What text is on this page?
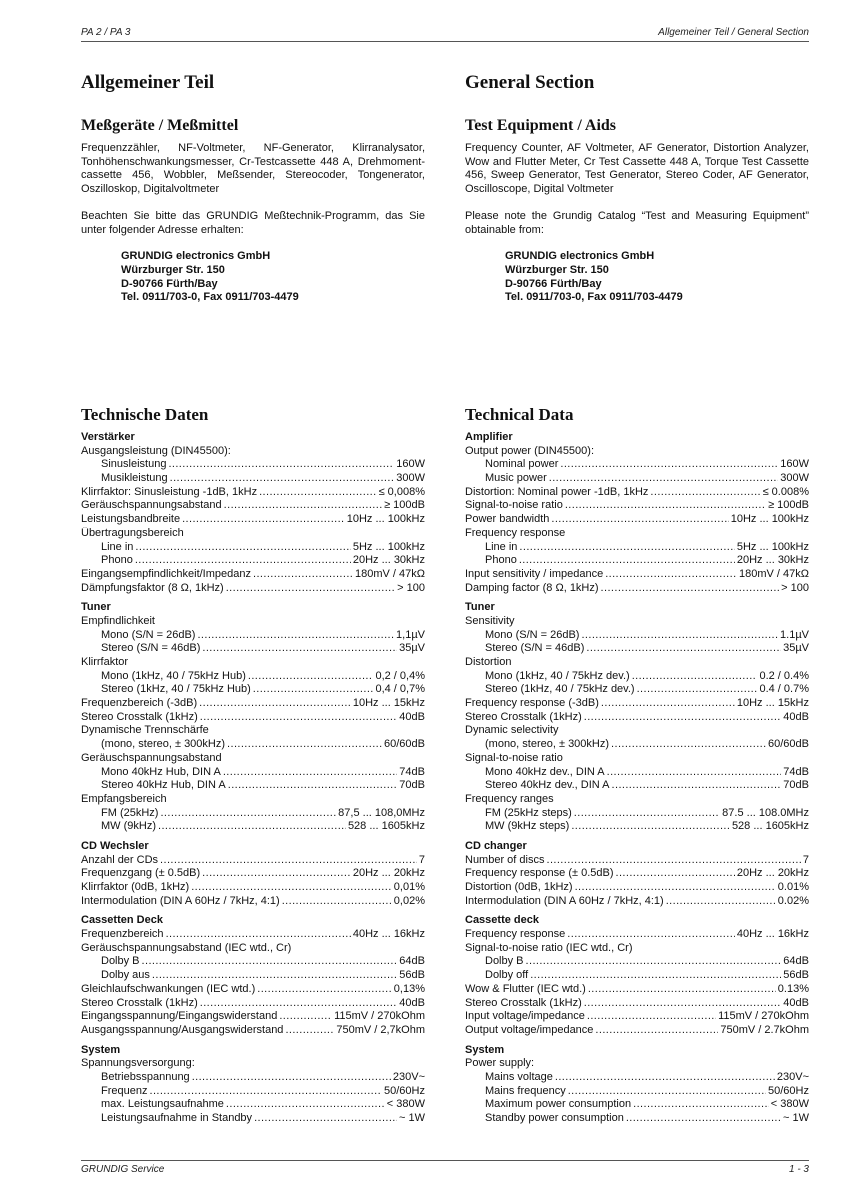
PA 2 / PA 3	Allgemeiner Teil / General Section
Allgemeiner Teil
Meßgeräte / Meßmittel

Frequenzzähler, NF-Voltmeter, NF-Generator, Klirranalysator, Tonhöhenschwankungsmesser, Cr-Testcassette 448 A, Drehmoment-cassette 456, Wobbler, Meßsender, Stereocoder, Tongenerator, Oszilloskop, Digitalvoltmeter

Beachten Sie bitte das GRUNDIG Meßtechnik-Programm, das Sie unter folgender Adresse erhalten:

GRUNDIG electronics GmbH

Würzburger Str. 150

D-90766 Fürth/Bay

Tel. 0911/703-0, Fax 0911/703-4479

Technische Daten
Verstärker
Ausgangsleistung (DIN45500):
Sinusleistung .....	160W
Musikleistung .....	300W
Klirrfaktor: Sinusleistung -1dB, 1kHz .....	≤ 0,008%
Geräuschspannungsabstand .....	≥ 100dB
Leistungsbandbreite .....	10Hz ... 100kHz
Übertragungsbereich
Line in .....	5Hz ... 100kHz
Phono .....	20Hz ... 30kHz
Eingangsempfindlichkeit/Impedanz .....	180mV / 47kΩ
Dämpfungsfaktor (8 Ω, 1kHz) .....	> 100
Tuner
Empfindlichkeit
Mono (S/N = 26dB) .....	1,1µV
Stereo (S/N = 46dB) .....	35µV
Klirrfaktor
Mono (1kHz, 40 / 75kHz Hub) .....	0,2 / 0,4%
Stereo (1kHz, 40 / 75kHz Hub) .....	0,4 / 0,7%
Frequenzbereich (-3dB) .....	10Hz ... 15kHz
Stereo Crosstalk (1kHz) .....	40dB
Dynamische Trennschärfe
(mono, stereo, ± 300kHz) .....	60/60dB
Geräuschspannungsabstand
Mono 40kHz Hub, DIN A .....	74dB
Stereo 40kHz Hub, DIN A .....	70dB
Empfangsbereich
FM (25kHz) .....	87,5 ... 108,0MHz
MW (9kHz) .....	528 ... 1605kHz
CD Wechsler
Anzahl der CDs .....	7
Frequenzgang (± 0.5dB) .....	20Hz ... 20kHz
Klirrfaktor (0dB, 1kHz) .....	0,01%
Intermodulation (DIN A 60Hz / 7kHz, 4:1) .....	0,02%
Cassetten Deck
Frequenzbereich .....	40Hz ... 16kHz
Geräuschspannungsabstand (IEC wtd., Cr)
Dolby B .....	64dB
Dolby aus .....	56dB
Gleichlaufschwankungen (IEC wtd.) .....	0,13%
Stereo Crosstalk (1kHz) .....	40dB
Eingangsspannung/Eingangswiderstand .....	115mV / 270kOhm
Ausgangsspannung/Ausgangswiderstand .....	750mV / 2,7kOhm
System
Spannungsversorgung:
Betriebsspannung .....	230V~
Frequenz .....	50/60Hz
max. Leistungsaufnahme .....	< 380W
Leistungsaufnahme in Standby .....	~ 1W
General Section
Test Equipment / Aids

Frequency Counter, AF Voltmeter, AF Generator, Distortion Analyzer, Wow and Flutter Meter, Cr Test Cassette 448 A, Torque Test Cassette 456, Sweep Generator, Test Generator, Stereo Coder, AF Generator, Oscilloscope, Digital Voltmeter

Please note the Grundig Catalog “Test and Measuring Equipment” obtainable from:

GRUNDIG electronics GmbH

Würzburger Str. 150

D-90766 Fürth/Bay

Tel. 0911/703-0, Fax 0911/703-4479

Technical Data
Amplifier
Output power (DIN45500):
Nominal power .....	160W
Music power .....	300W
Distortion: Nominal power -1dB, 1kHz .....	≤ 0.008%
Signal-to-noise ratio .....	≥ 100dB
Power bandwidth .....	10Hz ... 100kHz
Frequency response
Line in .....	5Hz ... 100kHz
Phono .....	20Hz ... 30kHz
Input sensitivity / impedance .....	180mV / 47kΩ
Damping factor (8 Ω, 1kHz) .....	> 100
Tuner
Sensitivity
Mono (S/N = 26dB) .....	1.1µV
Stereo (S/N = 46dB) .....	35µV
Distortion
Mono (1kHz, 40 / 75kHz dev.) .....	0.2 / 0.4%
Stereo (1kHz, 40 / 75kHz dev.) .....	0.4 / 0.7%
Frequency response (-3dB) .....	10Hz ... 15kHz
Stereo Crosstalk (1kHz) .....	40dB
Dynamic selectivity
(mono, stereo, ± 300kHz) .....	60/60dB
Signal-to-noise ratio
Mono 40kHz dev., DIN A .....	74dB
Stereo 40kHz dev., DIN A .....	70dB
Frequency ranges
FM (25kHz steps) .....	87.5 ... 108.0MHz
MW (9kHz steps) .....	528 ... 1605kHz
CD changer
Number of discs .....	7
Frequency response (± 0.5dB) .....	20Hz ... 20kHz
Distortion (0dB, 1kHz) .....	0.01%
Intermodulation (DIN A 60Hz / 7kHz, 4:1) .....	0.02%
Cassette deck
Frequency response .....	40Hz ... 16kHz
Signal-to-noise ratio (IEC wtd., Cr)
Dolby B .....	64dB
Dolby off .....	56dB
Wow & Flutter (IEC wtd.) .....	0.13%
Stereo Crosstalk (1kHz) .....	40dB
Input voltage/impedance .....	115mV / 270kOhm
Output voltage/impedance .....	750mV / 2.7kOhm
System
Power supply:
Mains voltage .....	230V~
Mains frequency .....	50/60Hz
Maximum power consumption .....	< 380W
Standby power consumption .....	~ 1W
GRUNDIG Service	1 - 3
